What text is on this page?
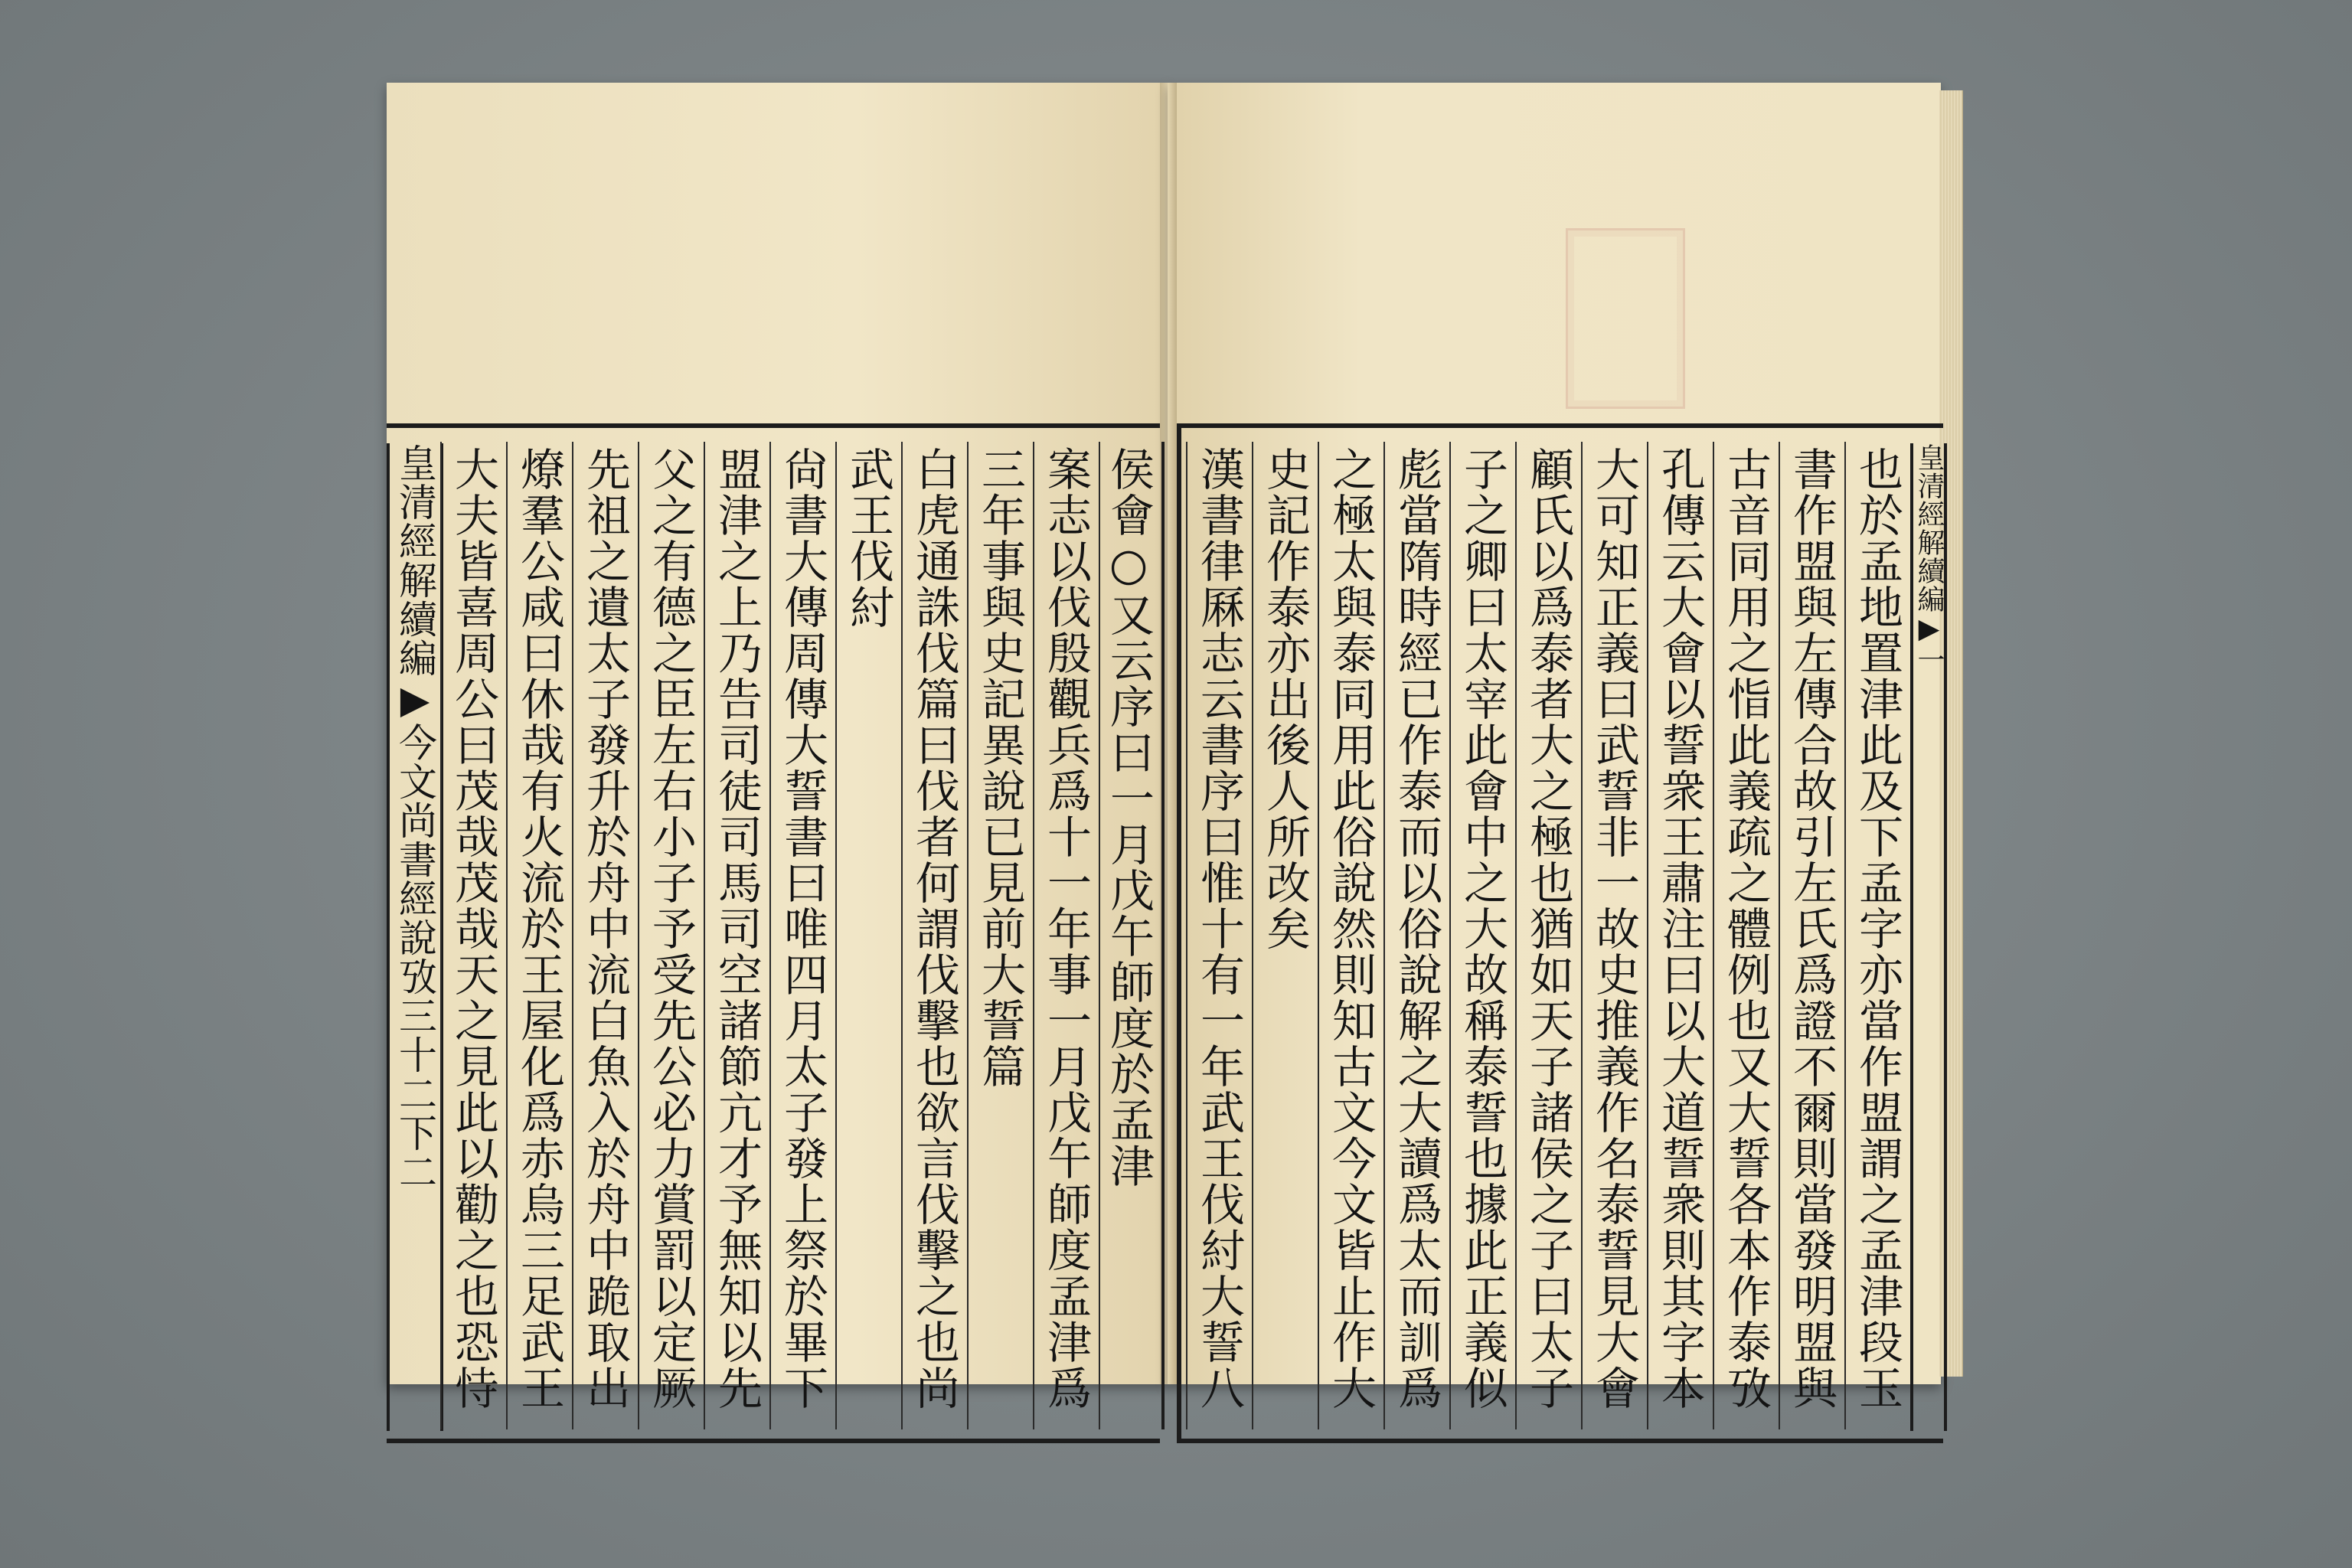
皇清經解續編▶今文尚書經說攷三十二下二
大夫皆喜周公曰茂哉茂哉天之見此以勸之也恐恃
燎羣公咸曰休哉有火流於王屋化爲赤烏三足武王
先祖之遺太子發升於舟中流白魚入於舟中跪取出
父之有德之臣左右小子予受先公必力賞罰以定厥
盟津之上乃告司徒司馬司空諸節亢才予無知以先
尙書大傳周傳大誓書曰唯四月太子發上祭於畢下
武王伐紂 白虎通誅伐篇曰伐者何謂伐擊也欲言伐擊之也尚
三年事與史記異說已見前大誓篇 案志以伐殷觀兵爲十一年事一月戊午師度孟津爲
侯會○又云序曰一月戊午師度於孟津 漢書律厤志云書序曰惟十有一年武王伐紂大誓八
史記作泰亦出後人所改矣 之極太與泰同用此俗說然則知古文今文皆止作大
彪當隋時經已作泰而以俗說解之大讀爲太而訓爲
子之卿曰太宰此會中之大故稱泰誓也據此正義似
顧氏以爲泰者大之極也猶如天子諸侯之子曰太子
大可知正義曰武誓非一故史推義作名泰誓見大會
孔傳云大會以誓衆王肅注曰以大道誓衆則其字本
古音同用之恉此義疏之體例也又大誓各本作泰攷
書作盟與左傳合故引左氏爲證不爾則當發明盟與
也於孟地置津此及下孟字亦當作盟謂之孟津段玉
皇清經解續編▶一
